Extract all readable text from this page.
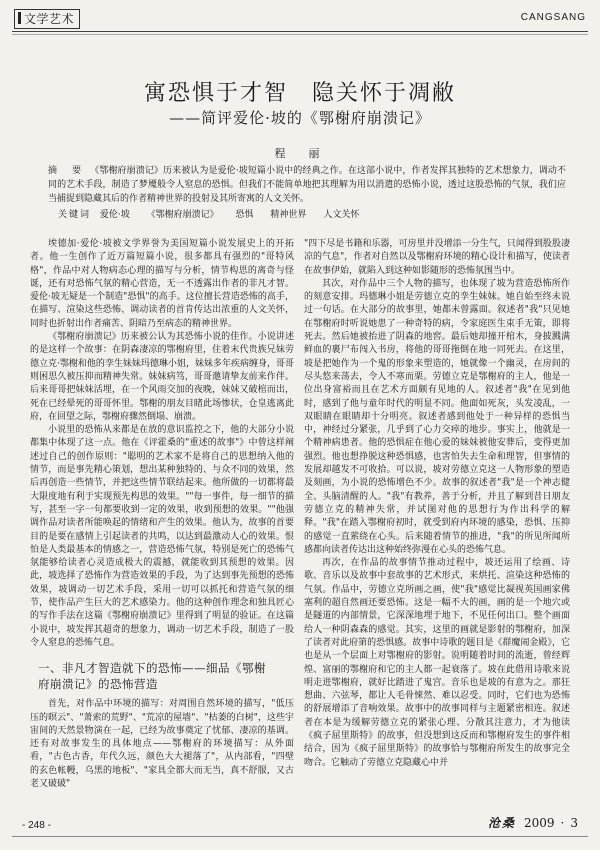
文学艺术	CANGSANG
寓恐惧于才智　隐关怀于凋敝
——简评爱伦·坡的《鄂榭府崩溃记》
程　丽
摘　要 《鄂榭府崩溃记》历来被认为是爱伦·坡短篇小说中的经典之作。在这部小说中，作者发挥其独特的艺术想象力，调动不同的艺术手段，制造了梦魇般令人窒息的恐惧。但我们不能简单地把其理解为用以消遣的恐怖小说，透过这股恐怖的气氛，我们应当捕捉到隐藏其后的作者精神世界的投射及其所寄寓的人文关怀。
关键词 爱伦·坡 《鄂榭府崩溃记》 恐惧 精神世界 人文关怀

埃德加·爱伦·坡被文学界誉为美国短篇小说发展史上的开拓者。他一生创作了近万篇短篇小说，很多都具有强烈的"哥特风格"，作品中对人物病态心理的描写与分析，情节构思的离奇与怪诞，还有对恐怖气氛的精心营造，无一不透露出作者的非凡才智。爱伦·坡无疑是一个制造"恐惧"的高手。这位擅长营造恐怖的高手，在描写、渲染这些恐怖、调动读者的首肯传达出浓重的人文关怀，同时也折射出作者痛苦、阴暗乃至病态的精神世界。

《鄂榭府崩溃记》历来被公认为其恐怖小说的佳作。小说讲述的是这样一个故事：在阴森凄凉的鄂榭府里，住着末代贵族兄妹劳德立克·鄂榭和他的孪生妹妹玛德琳小姐，妹妹多年疾病缠身，哥哥则困思久被压抑而精神失常。妹妹病笃，哥哥邀请挚友前来作伴。后来哥哥把妹妹活埋，在一个风雨交加的夜晚，妹妹又破棺而出，死在已经晕死的哥哥怀里。鄂榭的朋友目睹此场惨状，仓皇逃离此府，在回望之际，鄂榭府骤然倒塌、崩溃。

小说里的恐怖从来都是在放的意识监控之下，他的大部分小说都集中体现了这一点。他在《评霍桑的"重述的故事"》中曾这样阐述过自己的创作原则："聪明的艺术家不是将自己的思想纳入他的情节，而是事先精心策划，想出某种独特的、与众不同的效果，然后再创造一些情节，并把这些情节联结起来。他所做的一切都将最大限度地有利于实现预先构思的效果。""每一事件，每一细节的描写，甚至一字一句都要收到一定的效果，收到预想的效果。""他强调作品对读者所能唤起的情绪和产生的效果。他认为，故事的首要目的是要在感情上引起读者的共鸣，以达到最激动人心的效果。恨怕是人类最基本的情感之一，营造恐怖气氛，特别是死亡的恐怖气氛能够给读者心灵造成极大的震撼，就能收到其预想的效果。因此，坡选择了恐怖作为营造效果的手段，为了达到事先预想的恐怖效果，坡调动一切艺术手段，采用一切可以抓托和营造气氛的细节，使作品产生巨大的艺术感染力。他的这种创作理念和独具匠心的写作手法在这篇《鄂榭府崩溃记》里得到了明显的验证。在这篇小说中，坡发挥其超奇的想象力，调动一切艺术手段，制造了一股令人窒息的恐怖气息。

一、非凡才智造就下的恐怖——细品《鄂榭
府崩溃记》的恐怖营造

首先，对作品中环境的描写：对周围自然环境的描写，"低压压的暝云"、"萧索的荒野"、"荒凉的屋墙"、"枯萎的白树"，这些宇宙间的天然景物演在一起，已经为故事奠定了忧郁、凄凉的基调。还有对故事发生的具体地点——鄂榭府的环境描写：从外面看，"古色古香，年代久远，颜色大大褪落了"，从内部看，"四壁的玄色帐幔，乌黑的地板"、"家具全都大而无当，真不舒服，又古老又破破"

"四下尽是书籍和乐器，可房里并没增添一分生气，只闻得到股股凄凉的气息"，作者对自然以及鄂榭府环境的精心设计和描写，使读者在故事伊始，就陷入到这种如影随形的恐怖氛围当中。

其次，对作品中三个人物的描写，也体现了坡为营造恐怖所作的刻意安排。玛德琳小姐是劳德立克的孪生妹妹。她自始至终未说过一句话。在大部分的故事里，她都未曾露面。叙述者"我"只见她在鄂榭府时听说她患了一种奇特的病，令家庭医生束手无策，即将死去。然后她被抬进了阴森的地窖。最后她却撞开棺木，身披溅满鲜血的裹尸布闯入书房，将他的哥哥拖倒在地一同死去。在这里，坡是把她作为一个鬼的形象来塑造的，她就像一个幽灵，在房间的尽头悠来荡去，令人不寒而栗。劳德立克是鄂榭府的主人，他是一位出身富裕而且在艺术方面颇有见地的人。叙述者"我"在见到他时，感到了他与童年时代的明显不同。他面如死灰，头发凌乱，一双眼睛在眼睛却十分明亮。叙述者感到他处于一种异样的恐惧当中，神经过分紧张，几乎到了心力交瘁的地步。事实上，他就是一个精神病患者。他的恐惧症在他心爱的妹妹被他安葬后，变得更加强烈。他也想挣脱这种恐惧感，也害怕失去生命和理智，但事情的发展却越发不可收拾。可以说，坡对劳德立克这一人物形象的塑造及刻画，为小说的恐怖增色不少。故事的叙述者"我"是一个神志健全、头脑清醒的人。"我"有教养，善于分析，并且了解到昔日朋友劳德立克的精神失常，并试图对他的思想行为作出科学的解释。"我"在踏入鄂榭府初时，就受到府内环境的感染，恐惧、压抑的感觉一直萦绕在心头。后来随着情节的推进，"我"的所见所闻所感都向读者传达出这种始终弥漫在心头的恐怖气息。

再次，在作品的故事情节推动过程中，坡还运用了绘画、诗歌、音乐以及故事中套故事的艺术形式，来烘托、渲染这种恐怖的气氛。作品中，劳德立克所画之画，使"我"感觉比凝视英国画家佛塞利的超自然画还要恐怖。这是一幅不大的画，画的是一个地穴或是隧道的内部情景，它深深地埋于地下，不见任何出口。整个画面给人一种阴森森的感觉。其实，这里的画就是影射的鄂榭府，加深了读者对此府第的恐惧感。故事中诗歌的题目是《群魔闹金殿》，它也是从一个层面上对鄂榭府的影射。说明随着时间的流逝，曾经辉煌、富丽的鄂榭府和它的主人都一起衰落了。坡在此借用诗歌来说明走进鄂榭府，就好比踏进了鬼宫。音乐也是坡的有意为之。那狂想曲、六弦琴，都让人毛骨悚然、难以忍受。同时，它们也为恐怖的舒展增添了音响效果。故事中的故事同样与主题紧密相连。叙述者在本是为缓解劳德立克的紧张心理、分散其注意力，才为他读《疯子屈里斯特》的故事，但没想到这反而和鄂榭府发生的事件相结合，因为《疯子屈里斯特》的故事恰与鄂榭府所发生的故事完全吻合。它触动了劳德立克隐藏心中并

- 248 -	沧桑 2009 · 3
